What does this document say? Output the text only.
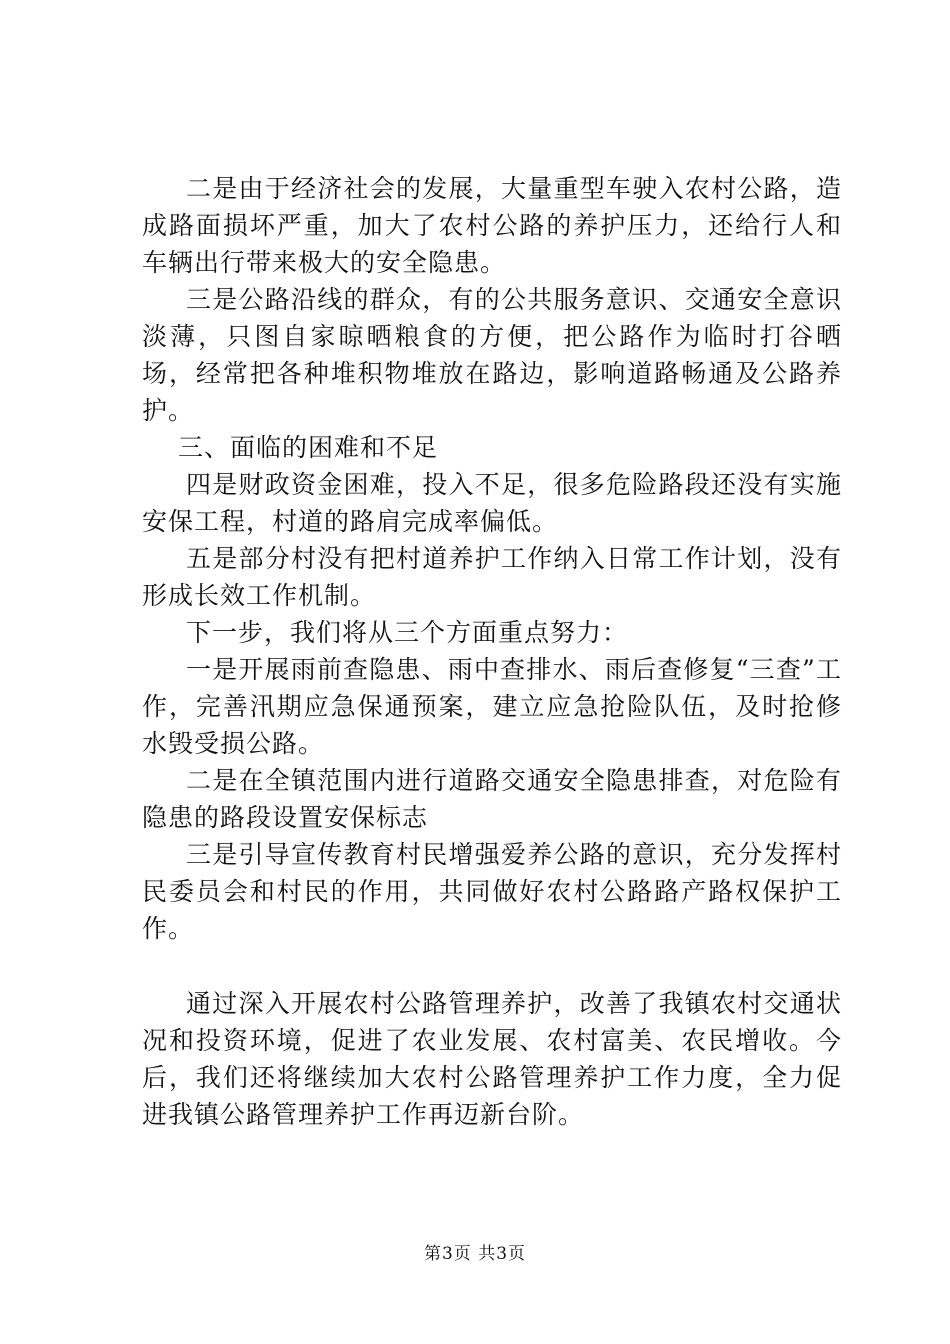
二是由于经济社会的发展，大量重型车驶入农村公路，造成路面损坏严重，加大了农村公路的养护压力，还给行人和车辆出行带来极大的安全隐患。

三是公路沿线的群众，有的公共服务意识、交通安全意识淡薄，只图自家晾晒粮食的方便，把公路作为临时打谷晒场，经常把各种堆积物堆放在路边，影响道路畅通及公路养护。

三、面临的困难和不足

四是财政资金困难，投入不足，很多危险路段还没有实施安保工程，村道的路肩完成率偏低。

五是部分村没有把村道养护工作纳入日常工作计划，没有形成长效工作机制。

下一步，我们将从三个方面重点努力：

一是开展雨前查隐患、雨中查排水、雨后查修复“三查”工作，完善汛期应急保通预案，建立应急抢险队伍，及时抢修水毁受损公路。

二是在全镇范围内进行道路交通安全隐患排查，对危险有隐患的路段设置安保标志

三是引导宣传教育村民增强爱养公路的意识，充分发挥村民委员会和村民的作用，共同做好农村公路路产路权保护工作。

通过深入开展农村公路管理养护，改善了我镇农村交通状况和投资环境，促进了农业发展、农村富美、农民增收。今后，我们还将继续加大农村公路管理养护工作力度，全力促进我镇公路管理养护工作再迈新台阶。

第3页 共3页
